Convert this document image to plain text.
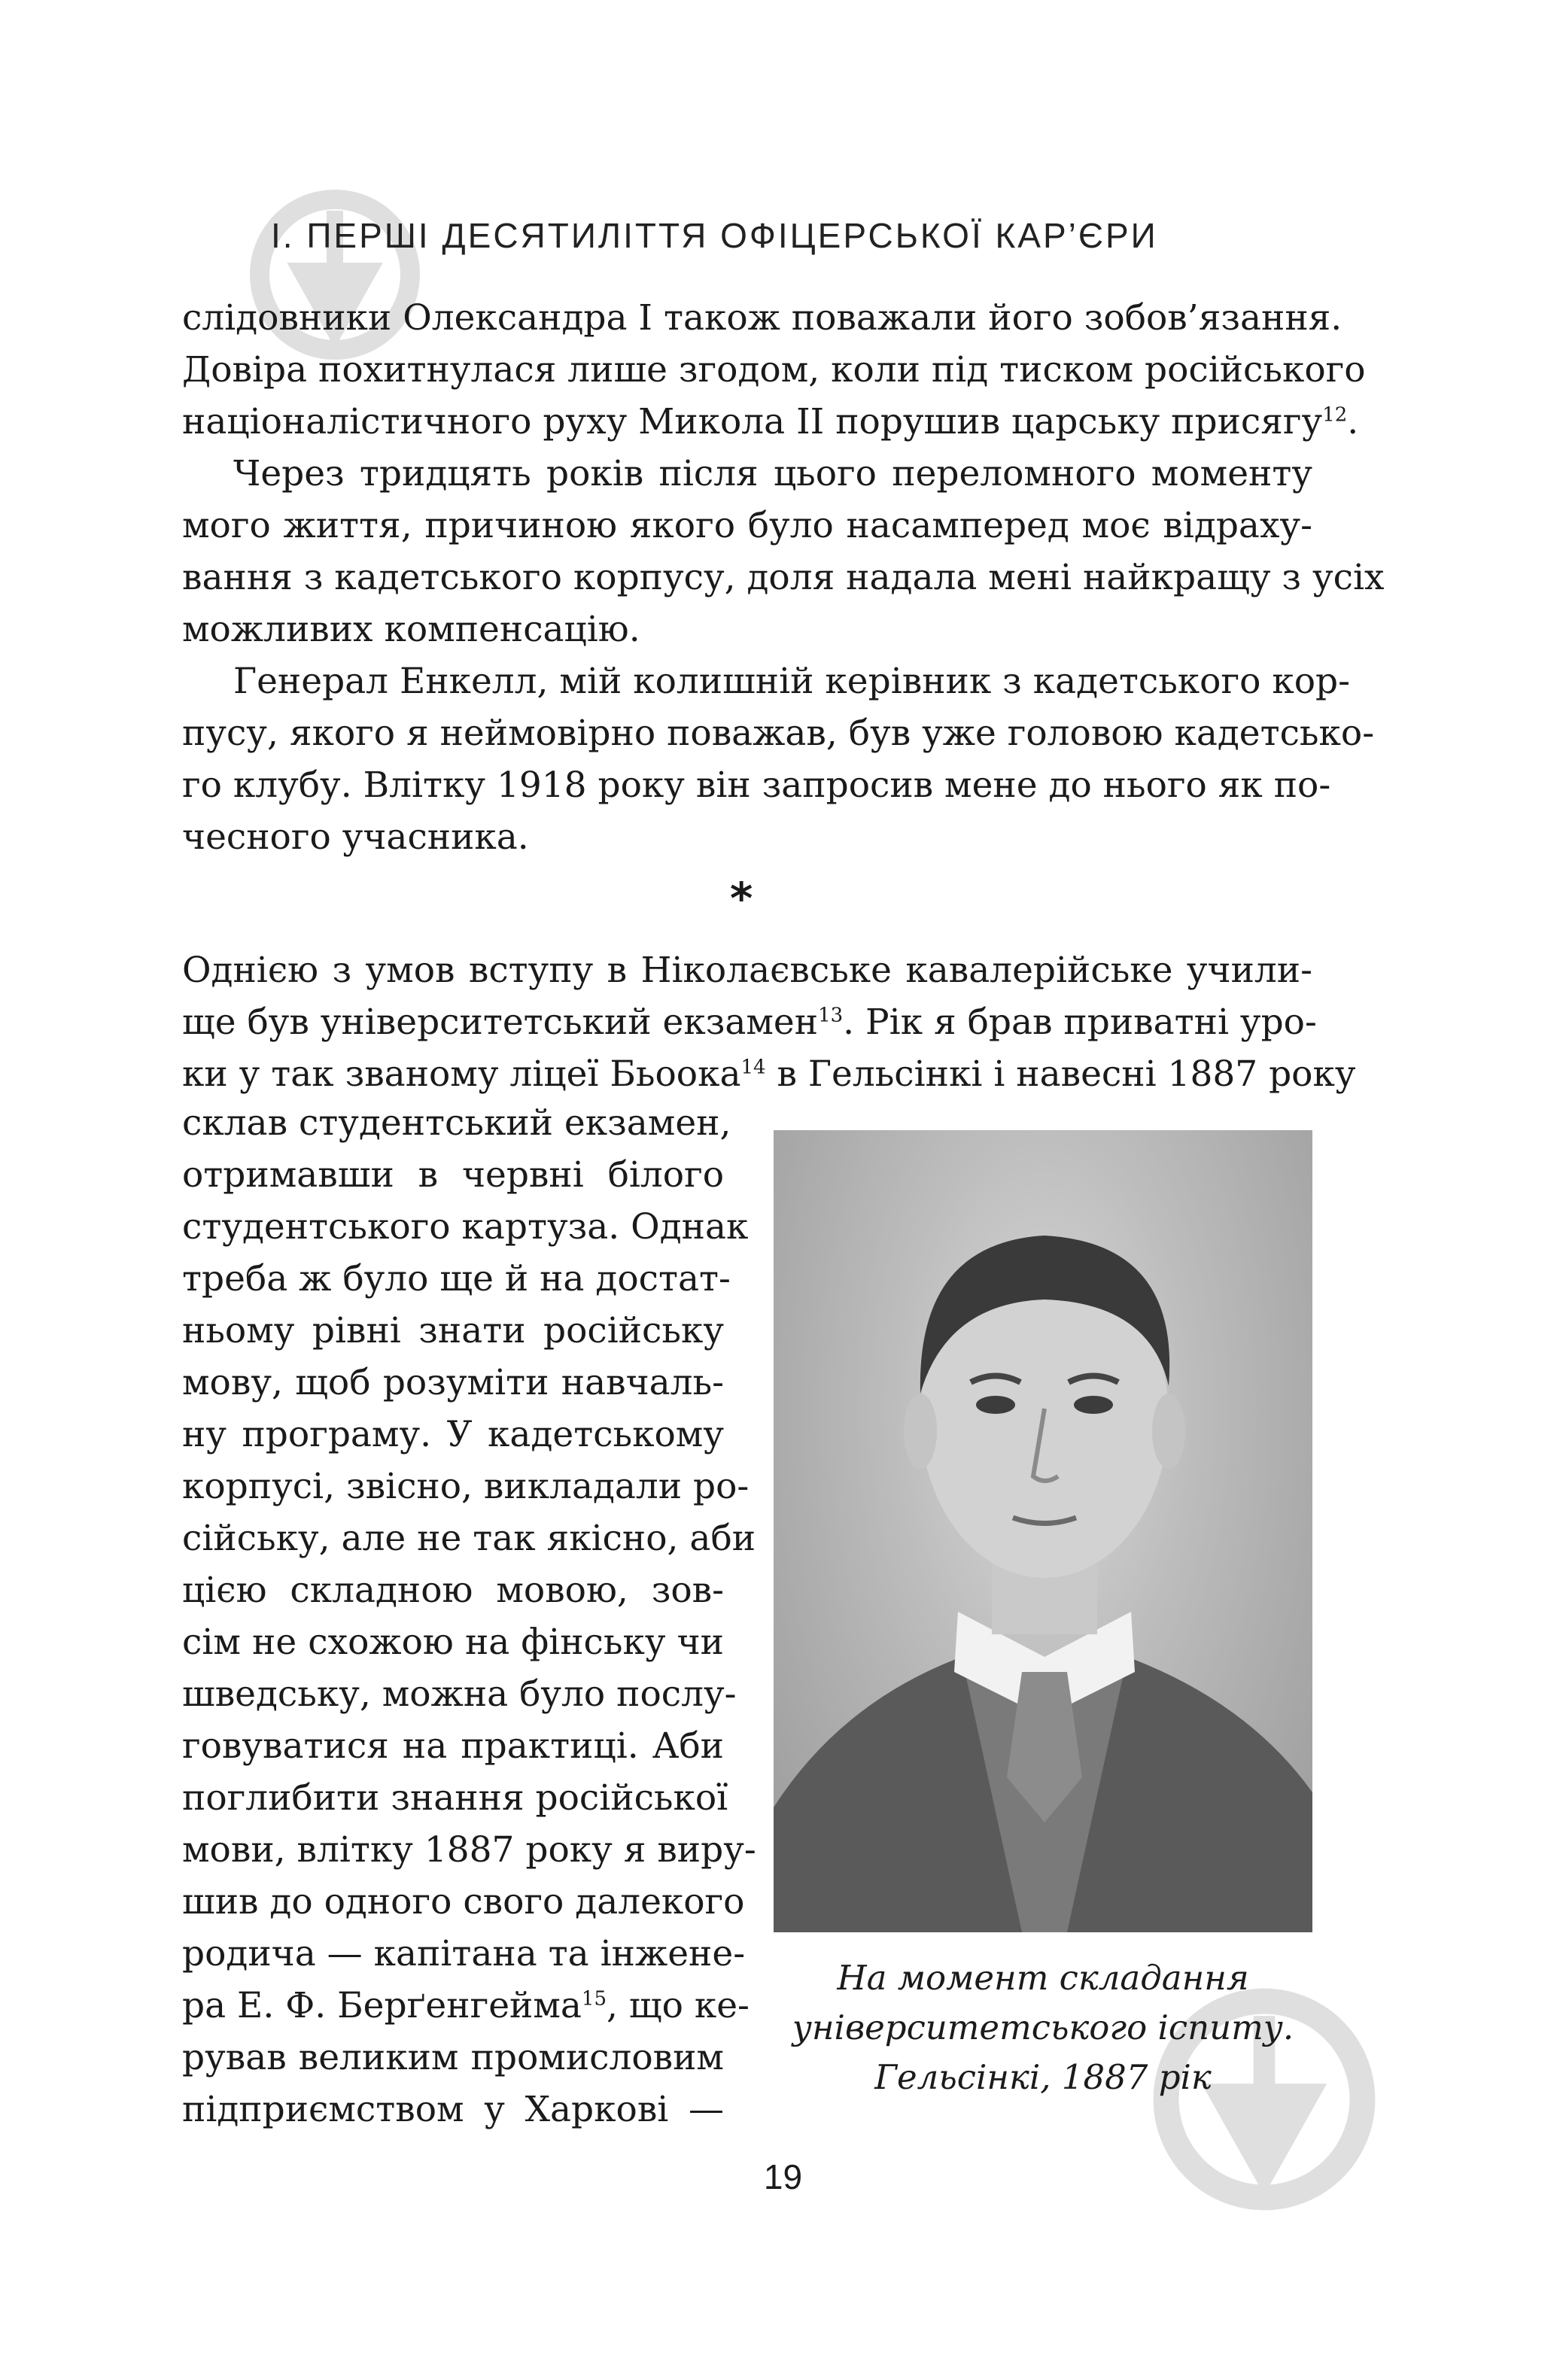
І. ПЕРШІ ДЕСЯТИЛІТТЯ ОФІЦЕРСЬКОЇ КАР’ЄРИ
слідовники Олександра I також поважали його зобов’язання.
Довіра похитнулася лише згодом, коли під тиском російського
націоналістичного руху Микола II порушив царську присягу$^{12}$.
Через тридцять років після цього переломного моменту
мого життя, причиною якого було насамперед моє відраху-
вання з кадетського корпусу, доля надала мені найкращу з усіх
можливих компенсацію.
Генерал Енкелл, мій колишній керівник з кадетського кор-
пусу, якого я неймовірно поважав, був уже головою кадетсько-
го клубу. Влітку 1918 року він запросив мене до нього як по-
чесного учасника.
*
Однією з умов вступу в Ніколаєвське кавалерійське учили-
ще був університетський екзамен$^{13}$. Рік я брав приватні уро-
ки у так званому ліцеї Бьоока$^{14}$ в Гельсінкі і навесні 1887 року
склав студентський екзамен,
отримавши в червні білого
студентського картуза. Однак
треба ж було ще й на достат-
ньому рівні знати російську
мову, щоб розуміти навчаль-
ну програму. У кадетському
корпусі, звісно, викладали ро-
сійську, але не так якісно, аби
цією складною мовою, зов-
сім не схожою на фінську чи
шведську, можна було послу-
говуватися на практиці. Аби
поглибити знання російської
мови, влітку 1887 року я виру-
шив до одного свого далекого
родича — капітана та інжене-
ра Е. Ф. Берґенгейма$^{15}$, що ке-
рував великим промисловим
підприємством у Харкові —
На момент складання
університетського іспиту.
Гельсінкі, 1887 рік
19
